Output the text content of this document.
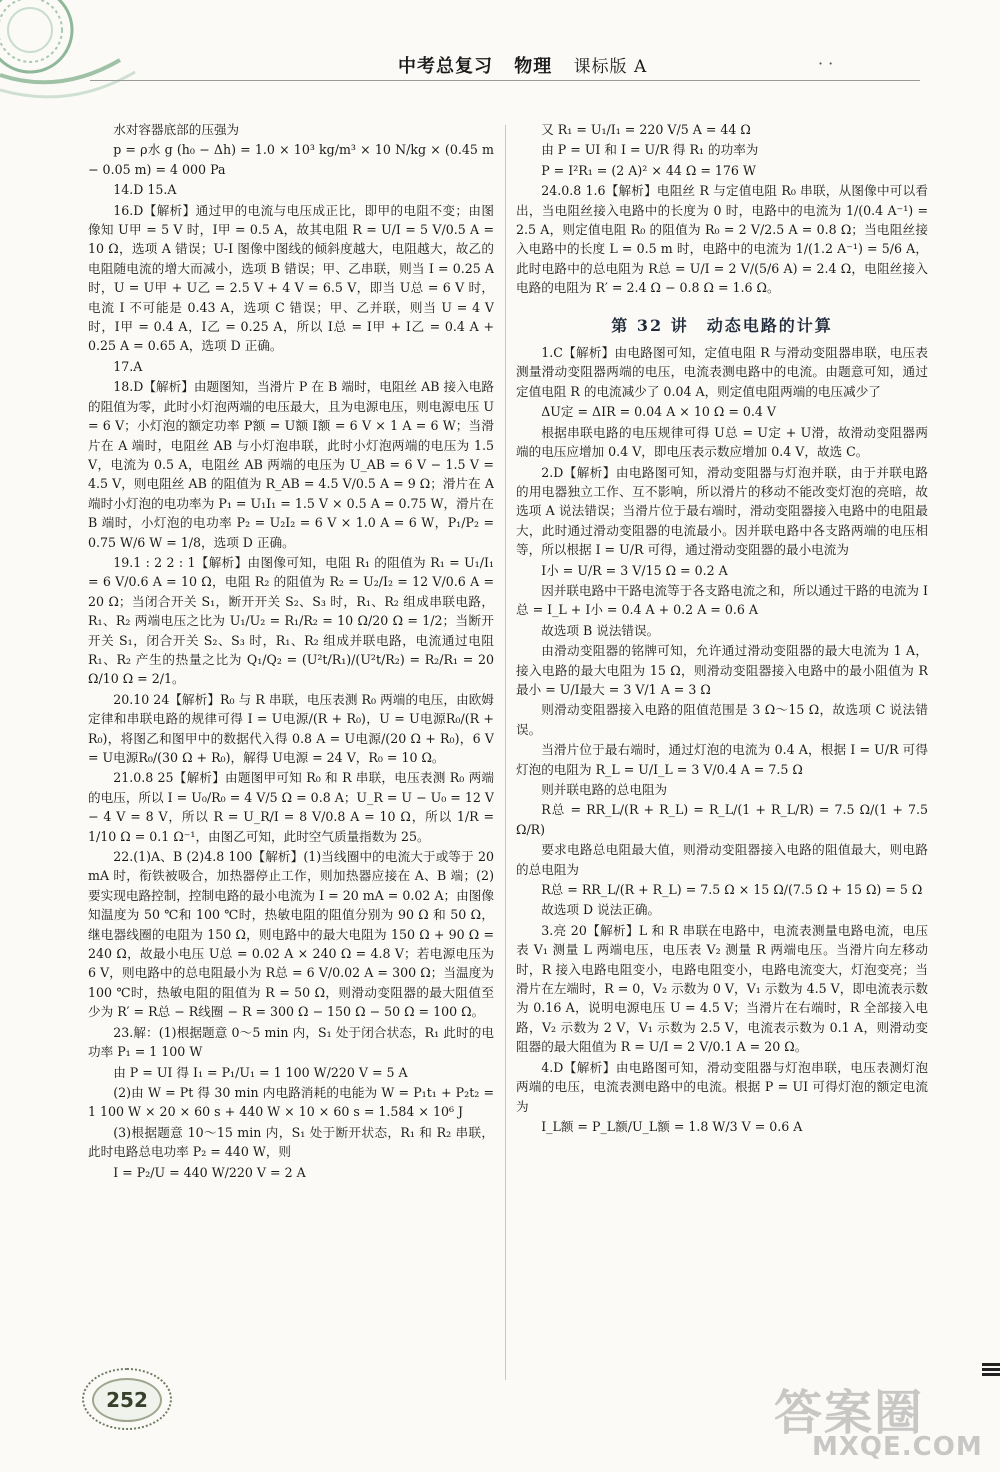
中考总复习 物理 课标版 A	· ·

水对容器底部的压强为

p = ρ水 g (h₀ − Δh) = 1.0 × 10³ kg/m³ × 10 N/kg × (0.45 m − 0.05 m) = 4 000 Pa

14.D 15.A

16.D【解析】通过甲的电流与电压成正比，即甲的电阻不变；由图像知 U甲 = 5 V 时，I甲 = 0.5 A，故其电阻 R = U/I = 5 V/0.5 A = 10 Ω，选项 A 错误；U-I 图像中图线的倾斜度越大，电阻越大，故乙的电阻随电流的增大而减小，选项 B 错误；甲、乙串联，则当 I = 0.25 A 时，U = U甲 + U乙 = 2.5 V + 4 V = 6.5 V，即当 U总 = 6 V 时，电流 I 不可能是 0.43 A，选项 C 错误；甲、乙并联，则当 U = 4 V 时，I甲 = 0.4 A，I乙 = 0.25 A，所以 I总 = I甲 + I乙 = 0.4 A + 0.25 A = 0.65 A，选项 D 正确。

17.A

18.D【解析】由题图知，当滑片 P 在 B 端时，电阻丝 AB 接入电路的阻值为零，此时小灯泡两端的电压最大，且为电源电压，则电源电压 U = 6 V；小灯泡的额定功率 P额 = U额 I额 = 6 V × 1 A = 6 W；当滑片在 A 端时，电阻丝 AB 与小灯泡串联，此时小灯泡两端的电压为 1.5 V，电流为 0.5 A，电阻丝 AB 两端的电压为 U_AB = 6 V − 1.5 V = 4.5 V，则电阻丝 AB 的阻值为 R_AB = 4.5 V/0.5 A = 9 Ω；滑片在 A 端时小灯泡的电功率为 P₁ = U₁I₁ = 1.5 V × 0.5 A = 0.75 W，滑片在 B 端时，小灯泡的电功率 P₂ = U₂I₂ = 6 V × 1.0 A = 6 W，P₁/P₂ = 0.75 W/6 W = 1/8，选项 D 正确。

19.1 : 2 2 : 1【解析】由图像可知，电阻 R₁ 的阻值为 R₁ = U₁/I₁ = 6 V/0.6 A = 10 Ω，电阻 R₂ 的阻值为 R₂ = U₂/I₂ = 12 V/0.6 A = 20 Ω；当闭合开关 S₁，断开开关 S₂、S₃ 时，R₁、R₂ 组成串联电路，R₁、R₂ 两端电压之比为 U₁/U₂ = R₁/R₂ = 10 Ω/20 Ω = 1/2；当断开开关 S₁，闭合开关 S₂、S₃ 时，R₁、R₂ 组成并联电路，电流通过电阻 R₁、R₂ 产生的热量之比为 Q₁/Q₂ = (U²t/R₁)/(U²t/R₂) = R₂/R₁ = 20 Ω/10 Ω = 2/1。

20.10 24【解析】R₀ 与 R 串联，电压表测 R₀ 两端的电压，由欧姆定律和串联电路的规律可得 I = U电源/(R + R₀)，U = U电源R₀/(R + R₀)，将图乙和图甲中的数据代入得 0.8 A = U电源/(20 Ω + R₀)，6 V = U电源R₀/(30 Ω + R₀)，解得 U电源 = 24 V，R₀ = 10 Ω。

21.0.8 25【解析】由题图甲可知 R₀ 和 R 串联，电压表测 R₀ 两端的电压，所以 I = U₀/R₀ = 4 V/5 Ω = 0.8 A；U_R = U − U₀ = 12 V − 4 V = 8 V，所以 R = U_R/I = 8 V/0.8 A = 10 Ω，所以 1/R = 1/10 Ω = 0.1 Ω⁻¹，由图乙可知，此时空气质量指数为 25。

22.(1)A、B (2)4.8 100【解析】(1)当线圈中的电流大于或等于 20 mA 时，衔铁被吸合，加热器停止工作，则加热器应接在 A、B 端；(2)要实现电路控制，控制电路的最小电流为 I = 20 mA = 0.02 A；由图像知温度为 50 ℃和 100 ℃时，热敏电阻的阻值分别为 90 Ω 和 50 Ω，继电器线圈的电阻为 150 Ω，则电路中的最大电阻为 150 Ω + 90 Ω = 240 Ω，故最小电压 U总 = 0.02 A × 240 Ω = 4.8 V；若电源电压为 6 V，则电路中的总电阻最小为 R总 = 6 V/0.02 A = 300 Ω；当温度为 100 ℃时，热敏电阻的阻值为 R = 50 Ω，则滑动变阻器的最大阻值至少为 R′ = R总 − R线圈 − R = 300 Ω − 150 Ω − 50 Ω = 100 Ω。

23.解：(1)根据题意 0～5 min 内，S₁ 处于闭合状态，R₁ 此时的电功率 P₁ = 1 100 W

由 P = UI 得 I₁ = P₁/U₁ = 1 100 W/220 V = 5 A

(2)由 W = Pt 得 30 min 内电路消耗的电能为 W = P₁t₁ + P₂t₂ = 1 100 W × 20 × 60 s + 440 W × 10 × 60 s = 1.584 × 10⁶ J

(3)根据题意 10～15 min 内，S₁ 处于断开状态，R₁ 和 R₂ 串联，此时电路总电功率 P₂ = 440 W，则

I = P₂/U = 440 W/220 V = 2 A

又 R₁ = U₁/I₁ = 220 V/5 A = 44 Ω

由 P = UI 和 I = U/R 得 R₁ 的功率为

P = I²R₁ = (2 A)² × 44 Ω = 176 W

24.0.8 1.6【解析】电阻丝 R 与定值电阻 R₀ 串联，从图像中可以看出，当电阻丝接入电路中的长度为 0 时，电路中的电流为 1/(0.4 A⁻¹) = 2.5 A，则定值电阻 R₀ 的阻值为 R₀ = 2 V/2.5 A = 0.8 Ω；当电阻丝接入电路中的长度 L = 0.5 m 时，电路中的电流为 1/(1.2 A⁻¹) = 5/6 A，此时电路中的总电阻为 R总 = U/I = 2 V/(5/6 A) = 2.4 Ω，电阻丝接入电路的电阻为 R′ = 2.4 Ω − 0.8 Ω = 1.6 Ω。

第 32 讲　动态电路的计算

1.C【解析】由电路图可知，定值电阻 R 与滑动变阻器串联，电压表测量滑动变阻器两端的电压，电流表测电路中的电流。由题意可知，通过定值电阻 R 的电流减少了 0.04 A，则定值电阻两端的电压减少了

ΔU定 = ΔIR = 0.04 A × 10 Ω = 0.4 V

根据串联电路的电压规律可得 U总 = U定 + U滑，故滑动变阻器两端的电压应增加 0.4 V，即电压表示数应增加 0.4 V，故选 C。

2.D【解析】由电路图可知，滑动变阻器与灯泡并联，由于并联电路的用电器独立工作、互不影响，所以滑片的移动不能改变灯泡的亮暗，故选项 A 说法错误；当滑片位于最右端时，滑动变阻器接入电路中的电阻最大，此时通过滑动变阻器的电流最小。因并联电路中各支路两端的电压相等，所以根据 I = U/R 可得，通过滑动变阻器的最小电流为

I小 = U/R = 3 V/15 Ω = 0.2 A

因并联电路中干路电流等于各支路电流之和，所以通过干路的电流为 I总 = I_L + I小 = 0.4 A + 0.2 A = 0.6 A

故选项 B 说法错误。

由滑动变阻器的铭牌可知，允许通过滑动变阻器的最大电流为 1 A，接入电路的最大电阻为 15 Ω，则滑动变阻器接入电路中的最小阻值为 R最小 = U/I最大 = 3 V/1 A = 3 Ω

则滑动变阻器接入电路的阻值范围是 3 Ω～15 Ω，故选项 C 说法错误。

当滑片位于最右端时，通过灯泡的电流为 0.4 A，根据 I = U/R 可得灯泡的电阻为 R_L = U/I_L = 3 V/0.4 A = 7.5 Ω

则并联电路的总电阻为

R总 = RR_L/(R + R_L) = R_L/(1 + R_L/R) = 7.5 Ω/(1 + 7.5 Ω/R)

要求电路总电阻最大值，则滑动变阻器接入电路的阻值最大，则电路的总电阻为

R总 = RR_L/(R + R_L) = 7.5 Ω × 15 Ω/(7.5 Ω + 15 Ω) = 5 Ω

故选项 D 说法正确。

3.亮 20【解析】L 和 R 串联在电路中，电流表测量电路电流，电压表 V₁ 测量 L 两端电压，电压表 V₂ 测量 R 两端电压。当滑片向左移动时，R 接入电路电阻变小，电路电阻变小，电路电流变大，灯泡变亮；当滑片在左端时，R = 0，V₂ 示数为 0 V，V₁ 示数为 4.5 V，即电流表示数为 0.16 A，说明电源电压 U = 4.5 V；当滑片在右端时，R 全部接入电路，V₂ 示数为 2 V，V₁ 示数为 2.5 V，电流表示数为 0.1 A，则滑动变阻器的最大阻值为 R = U/I = 2 V/0.1 A = 20 Ω。

4.D【解析】由电路图可知，滑动变阻器与灯泡串联，电压表测灯泡两端的电压，电流表测电路中的电流。根据 P = UI 可得灯泡的额定电流为

I_L额 = P_L额/U_L额 = 1.8 W/3 V = 0.6 A

252	答案圈
MXQE.COM
